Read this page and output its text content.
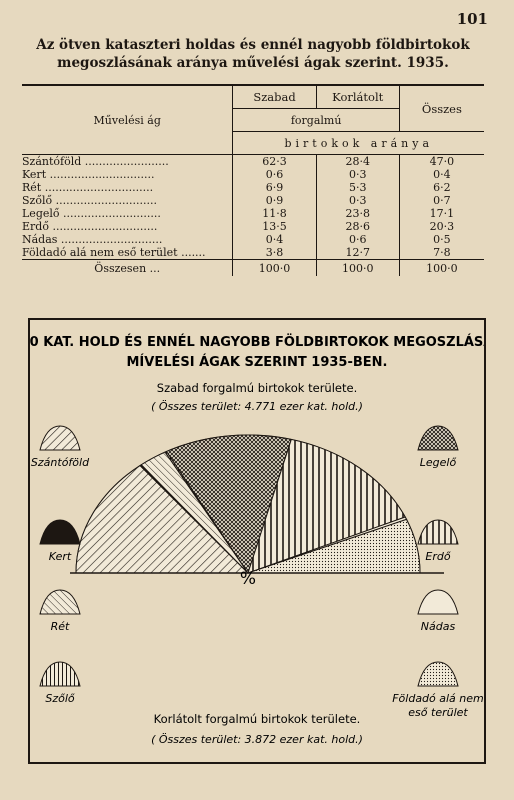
101
Az ötven kataszteri holdas és ennél nagyobb földbirtokok
megoszlásának aránya művelési ágak szerint. 1935.
Művelési ág	Szabad	Korlátolt	Összes
	forgalmú		
	birtokok aránya		
Szántóföld ........................	62·3	28·4	47·0
Kert ..............................	0·6	0·3	0·4
Rét ...............................	6·9	5·3	6·2
Szőlő .............................	0·9	0·3	0·7
Legelő ............................	11·8	23·8	17·1
Erdő ..............................	13·5	28·6	20·3
Nádas .............................	0·4	0·6	0·5
Földadó alá nem eső terület .......	3·8	12·7	7·8
Összesen ...	100·0	100·0	100·0
50 KAT. HOLD ÉS ENNÉL NAGYOBB FÖLDBIRTOKOK MEGOSZLÁSA
MÍVELÉSI ÁGAK SZERINT 1935-BEN.
Szabad forgalmú birtokok területe.
( Összes terület: 4.771 ezer kat. hold.)
%
Szántóföld
Kert
Rét
Szőlő
Legelő
Erdő
Nádas
Földadó alá nem
eső terület
Korlátolt forgalmú birtokok területe.
( Összes terület: 3.872 ezer kat. hold.)
